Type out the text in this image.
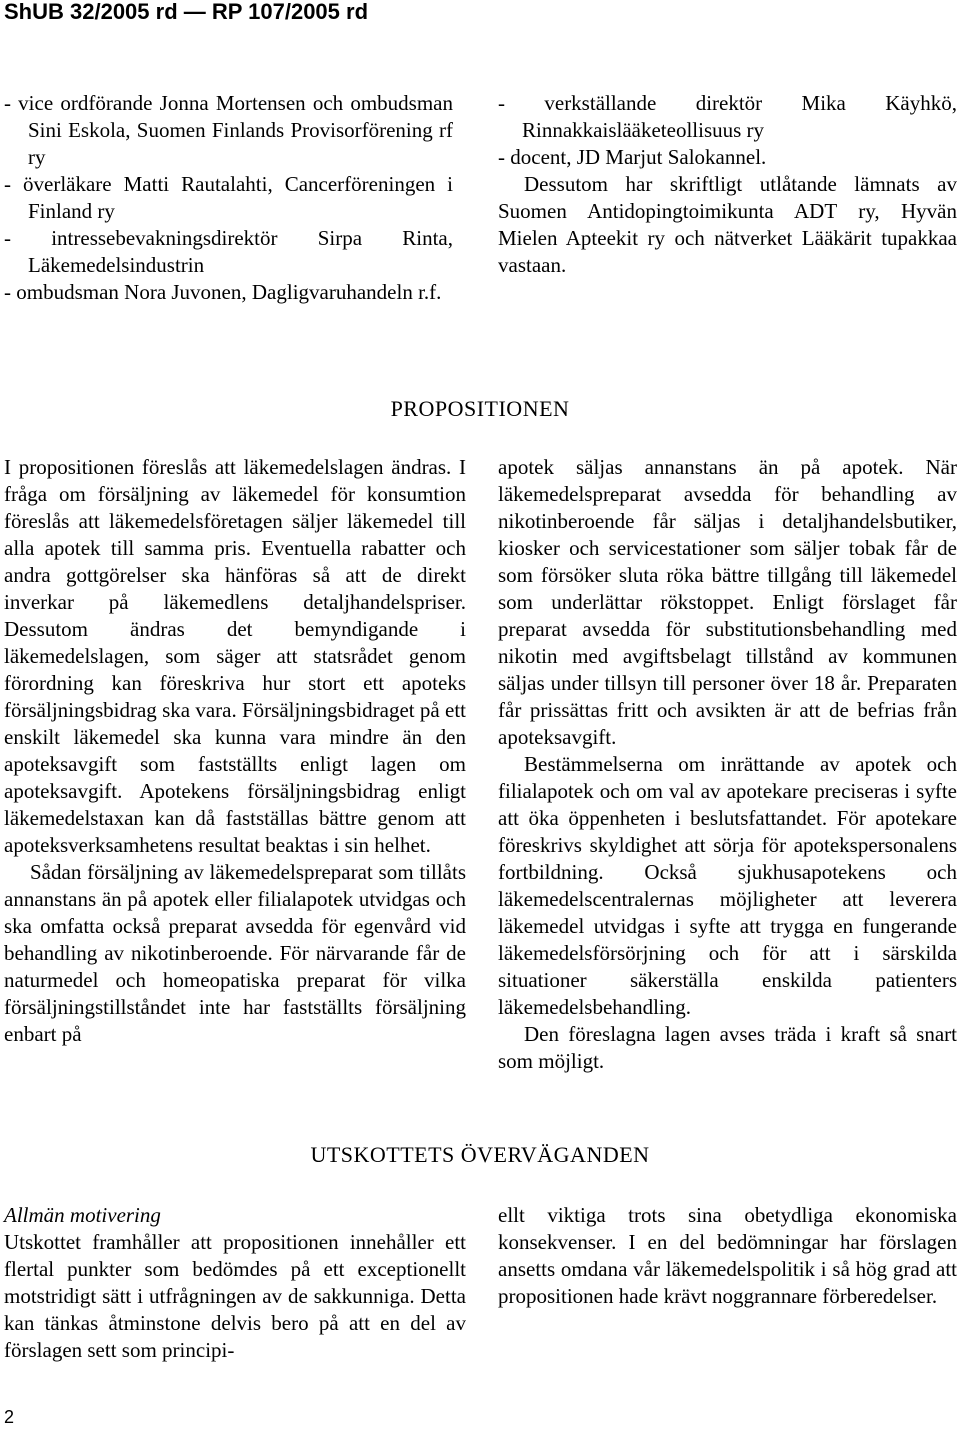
ShUB 32/2005 rd — RP 107/2005 rd
- vice ordförande Jonna Mortensen och ombudsman Sini Eskola, Suomen Finlands Provisorförening rf ry
- överläkare Matti Rautalahti, Cancerföreningen i Finland ry
- intressebevakningsdirektör Sirpa Rinta, Läkemedelsindustrin
- ombudsman Nora Juvonen, Dagligvaruhandeln r.f.
- verkställande direktör Mika Käyhkö, Rinnakkaislääketeollisuus ry
- docent, JD Marjut Salokannel.

Dessutom har skriftligt utlåtande lämnats av Suomen Antidopingtoimikunta ADT ry, Hyvän Mielen Apteekit ry och nätverket Lääkärit tupakkaa vastaan.

PROPOSITIONEN

I propositionen föreslås att läkemedelslagen ändras. I fråga om försäljning av läkemedel för konsumtion föreslås att läkemedelsföretagen säljer läkemedel till alla apotek till samma pris. Eventuella rabatter och andra gottgörelser ska hänföras så att de direkt inverkar på läkemedlens detaljhandelspriser. Dessutom ändras det bemyndigande i läkemedelslagen, som säger att statsrådet genom förordning kan föreskriva hur stort ett apoteks försäljningsbidrag ska vara. Försäljningsbidraget på ett enskilt läkemedel ska kunna vara mindre än den apoteksavgift som fastställts enligt lagen om apoteksavgift. Apotekens försäljningsbidrag enligt läkemedelstaxan kan då fastställas bättre genom att apoteksverksamhetens resultat beaktas i sin helhet.

Sådan försäljning av läkemedelspreparat som tillåts annanstans än på apotek eller filialapotek utvidgas och ska omfatta också preparat avsedda för egenvård vid behandling av nikotinberoende. För närvarande får de naturmedel och homeopatiska preparat för vilka försäljningstillståndet inte har fastställts försäljning enbart på

apotek säljas annanstans än på apotek. När läkemedelspreparat avsedda för behandling av nikotinberoende får säljas i detaljhandelsbutiker, kiosker och servicestationer som säljer tobak får de som försöker sluta röka bättre tillgång till läkemedel som underlättar rökstoppet. Enligt förslaget får preparat avsedda för substitutionsbehandling med nikotin med avgiftsbelagt tillstånd av kommunen säljas under tillsyn till personer över 18 år. Preparaten får prissättas fritt och avsikten är att de befrias från apoteksavgift.

Bestämmelserna om inrättande av apotek och filialapotek och om val av apotekare preciseras i syfte att öka öppenheten i beslutsfattandet. För apotekare föreskrivs skyldighet att sörja för apotekspersonalens fortbildning. Också sjukhusapotekens och läkemedelscentralernas möjligheter att leverera läkemedel utvidgas i syfte att trygga en fungerande läkemedelsförsörjning och för att i särskilda situationer säkerställa enskilda patienters läkemedelsbehandling.

Den föreslagna lagen avses träda i kraft så snart som möjligt.

UTSKOTTETS ÖVERVÄGANDEN
Allmän motivering

Utskottet framhåller att propositionen innehåller ett flertal punkter som bedömdes på ett exceptionellt motstridigt sätt i utfrågningen av de sakkunniga. Detta kan tänkas åtminstone delvis bero på att en del av förslagen sett som principi-

ellt viktiga trots sina obetydliga ekonomiska konsekvenser. I en del bedömningar har förslagen ansetts omdana vår läkemedelspolitik i så hög grad att propositionen hade krävt noggrannare förberedelser.

2
